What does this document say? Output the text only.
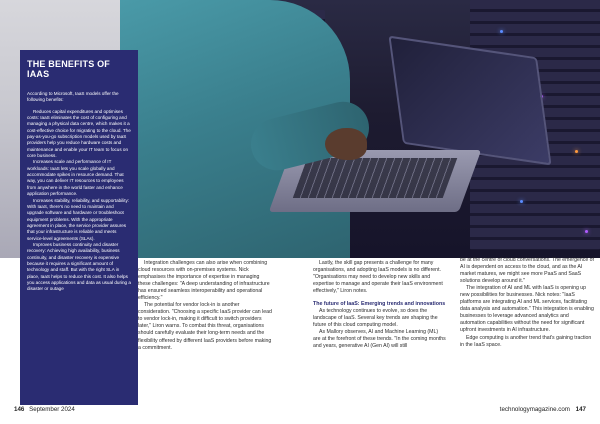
THE BENEFITS OF IAAS

According to Microsoft, IaaS models offer the following benefits:

Reduces capital expenditures and optimises costs: IaaS eliminates the cost of configuring and managing a physical data centre, which makes it a cost-effective choice for migrating to the cloud. The pay-as-you-go subscription models used by IaaS providers help you reduce hardware costs and maintenance and enable your IT team to focus on core business.

Increases scale and performance of IT workloads: IaaS lets you scale globally and accommodate spikes in resource demand. That way, you can deliver IT resources to employees from anywhere in the world faster and enhance application performance.

Increases stability, reliability, and supportability: With IaaS, there's no need to maintain and upgrade software and hardware or troubleshoot equipment problems. With the appropriate agreement in place, the service provider assures that your infrastructure is reliable and meets service-level agreements (SLAs).

Improves business continuity and disaster recovery: Achieving high availability, business continuity, and disaster recovery is expensive because it requires a significant amount of technology and staff. But with the right SLA in place, IaaS helps to reduce this cost. It also helps you access applications and data as usual during a disaster or outage

Integration challenges can also arise when combining cloud resources with on-premises systems. Nick emphasises the importance of expertise in managing these challenges: "A deep understanding of infrastructure has ensured seamless interoperability and operational efficiency."

The potential for vendor lock-in is another consideration. "Choosing a specific IaaS provider can lead to vendor lock-in, making it difficult to switch providers later," Liron warns. To combat this threat, organisations should carefully evaluate their long-term needs and the flexibility offered by different IaaS providers before making a commitment.

Lastly, the skill gap presents a challenge for many organisations, and adopting IaaS models is no different. "Organisations may need to develop new skills and expertise to manage and operate their IaaS environment effectively," Liron notes.

The future of IaaS: Emerging trends and innovations

As technology continues to evolve, so does the landscape of IaaS. Several key trends are shaping the future of this cloud computing model.

As Mallory observes, AI and Machine Learning (ML) are at the forefront of these trends. "In the coming months and years, generative AI (Gen AI) will still

be at the centre of cloud conversations. The emergence of AI is dependent on access to the cloud, and as the AI market matures, we might see more PaaS and SaaS solutions develop around it."

The integration of AI and ML with IaaS is opening up new possibilities for businesses. Nick notes: "IaaS platforms are integrating AI and ML services, facilitating data analysis and automation." This integration is enabling businesses to leverage advanced analytics and automation capabilities without the need for significant upfront investments in AI infrastructure.

Edge computing is another trend that's gaining traction in the IaaS space.

146 September 2024	technologymagazine.com 147
